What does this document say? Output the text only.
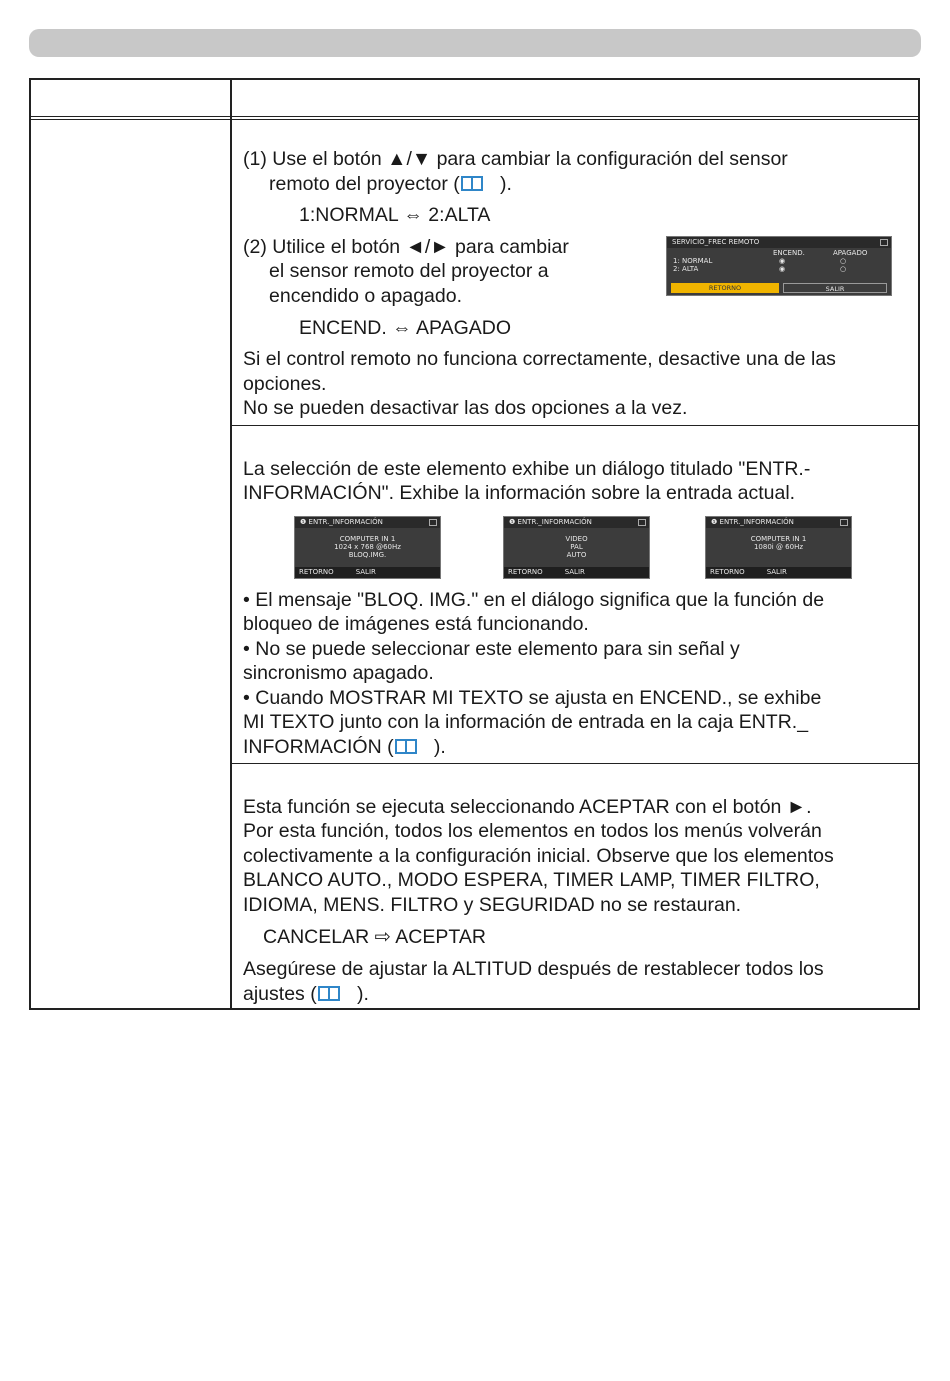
(1) Use el botón ▲/▼ para cambiar la configuración del sensor
remoto del proyector ( ).
1:NORMAL ⇔ 2:ALTA
(2) Utilice el botón ◄/► para cambiar
el sensor remoto del proyector a
encendido o apagado.
ENCEND. ⇔ APAGADO
Si el control remoto no funciona correctamente, desactive una de las
opciones.
No se pueden desactivar las dos opciones a la vez.
SERVICIO_FREC REMOTO
ENCEND.	APAGADO
1: NORMAL	◉	○
2: ALTA	◉	○
RETORNO	SALIR
La selección de este elemento exhibe un diálogo titulado "ENTR.-
INFORMACIÓN". Exhibe la información sobre la entrada actual.
❶ ENTR._INFORMACIÓN
COMPUTER IN 1
1024 x 768 @60Hz
BLOQ.IMG.
RETORNO	SALIR
❶ ENTR._INFORMACIÓN
VIDEO
PAL
AUTO
RETORNO	SALIR
❶ ENTR._INFORMACIÓN
COMPUTER IN 1
1080i @ 60Hz
RETORNO	SALIR
• El mensaje "BLOQ. IMG." en el diálogo significa que la función de
bloqueo de imágenes está funcionando.
• No se puede seleccionar este elemento para sin señal y
sincronismo apagado.
• Cuando MOSTRAR MI TEXTO se ajusta en ENCEND., se exhibe
MI TEXTO junto con la información de entrada en la caja ENTR._
INFORMACIÓN ( ).
Esta función se ejecuta seleccionando ACEPTAR con el botón ►.
Por esta función, todos los elementos en todos los menús volverán
colectivamente a la configuración inicial. Observe que los elementos
BLANCO AUTO., MODO ESPERA, TIMER LAMP, TIMER FILTRO,
IDIOMA, MENS. FILTRO y SEGURIDAD no se restauran.
CANCELAR ⇨ ACEPTAR
Asegúrese de ajustar la ALTITUD después de restablecer todos los
ajustes ( ).
